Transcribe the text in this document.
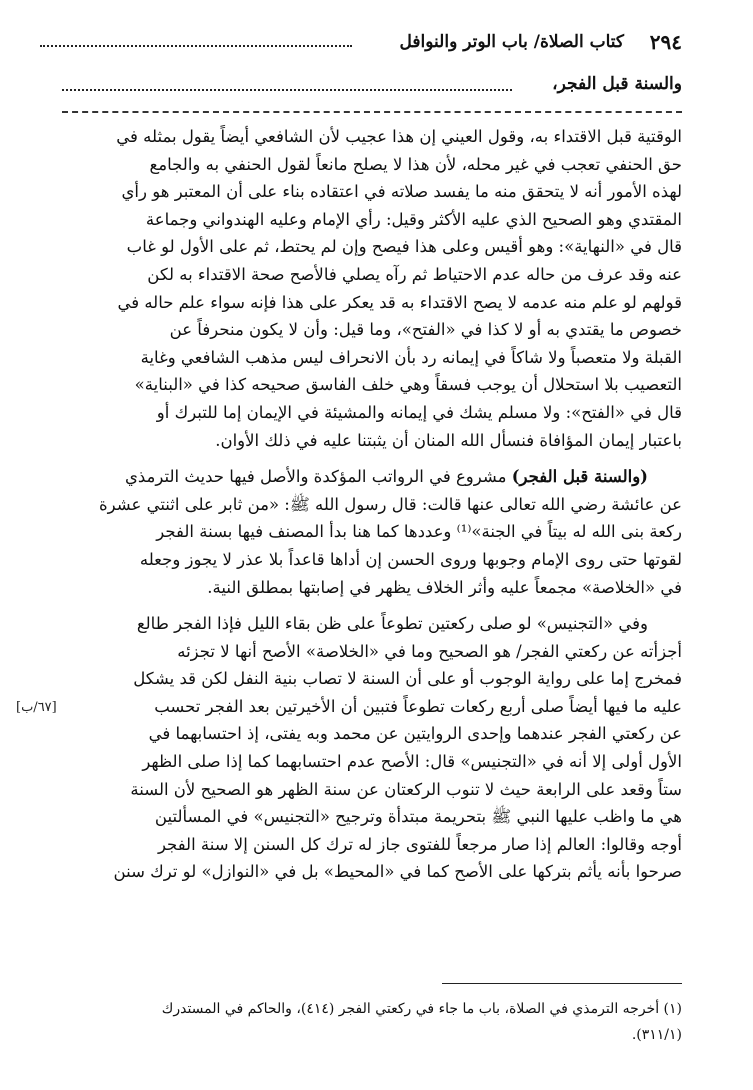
٢٩٤
كتاب الصلاة/ باب الوتر والنوافل
والسنة قبل الفجر،
الوقتية قبل الاقتداء به، وقول العيني إن هذا عجيب لأن الشافعي أيضاً يقول بمثله في
حق الحنفي تعجب في غير محله، لأن هذا لا يصلح مانعاً لقول الحنفي به والجامع
لهذه الأمور أنه لا يتحقق منه ما يفسد صلاته في اعتقاده بناء على أن المعتبر هو رأي
المقتدي وهو الصحيح الذي عليه الأكثر وقيل: رأي الإمام وعليه الهندواني وجماعة
قال في «النهاية»: وهو أقيس وعلى هذا فيصح وإن لم يحتط، ثم على الأول لو غاب
عنه وقد عرف من حاله عدم الاحتياط ثم رآه يصلي فالأصح صحة الاقتداء به لكن
قولهم لو علم منه عدمه لا يصح الاقتداء به قد يعكر على هذا فإنه سواء علم حاله في
خصوص ما يقتدي به أو لا كذا في «الفتح»، وما قيل: وأن لا يكون منحرفاً عن
القبلة ولا متعصباً ولا شاكاً في إيمانه رد بأن الانحراف ليس مذهب الشافعي وغاية
التعصيب بلا استحلال أن يوجب فسقاً وهي خلف الفاسق صحيحه كذا في «البناية»
قال في «الفتح»: ولا مسلم يشك في إيمانه والمشيئة في الإيمان إما للتبرك أو
باعتبار إيمان المؤافاة فنسأل الله المنان أن يثبتنا عليه في ذلك الأوان.
(والسنة قبل الفجر) مشروع في الرواتب المؤكدة والأصل فيها حديث الترمذي
عن عائشة رضي الله تعالى عنها قالت: قال رسول الله ﷺ: «من ثابر على اثنتي عشرة
ركعة بنى الله له بيتاً في الجنة»⁽¹⁾ وعددها كما هنا بدأ المصنف فيها بسنة الفجر
لقوتها حتى روى الإمام وجوبها وروى الحسن إن أداها قاعداً بلا عذر لا يجوز وجعله
في «الخلاصة» مجمعاً عليه وأثر الخلاف يظهر في إصابتها بمطلق النية.
وفي «التجنيس» لو صلى ركعتين تطوعاً على ظن بقاء الليل فإذا الفجر طالع
أجزأته عن ركعتي الفجر/ هو الصحيح وما في «الخلاصة» الأصح أنها لا تجزئه
فمخرج إما على رواية الوجوب أو على أن السنة لا تصاب بنية النفل لكن قد يشكل
عليه ما فيها أيضاً صلى أربع ركعات تطوعاً فتبين أن الأخيرتين بعد الفجر تحسب
عن ركعتي الفجر عندهما وإحدى الروايتين عن محمد وبه يفتى، إذ احتسابهما في
الأول أولى إلا أنه في «التجنيس» قال: الأصح عدم احتسابهما كما إذا صلى الظهر
ستاً وقعد على الرابعة حيث لا تنوب الركعتان عن سنة الظهر هو الصحيح لأن السنة
هي ما واظب عليها النبي ﷺ بتحريمة مبتدأة وترجيح «التجنيس» في المسألتين
أوجه وقالوا: العالم إذا صار مرجعاً للفتوى جاز له ترك كل السنن إلا سنة الفجر
صرحوا بأنه يأثم بتركها على الأصح كما في «المحيط» بل في «النوازل» لو ترك سنن
[٦٧/ب]
(١) أخرجه الترمذي في الصلاة، باب ما جاء في ركعتي الفجر (٤١٤)، والحاكم في المستدرك
(٣١١/١).
